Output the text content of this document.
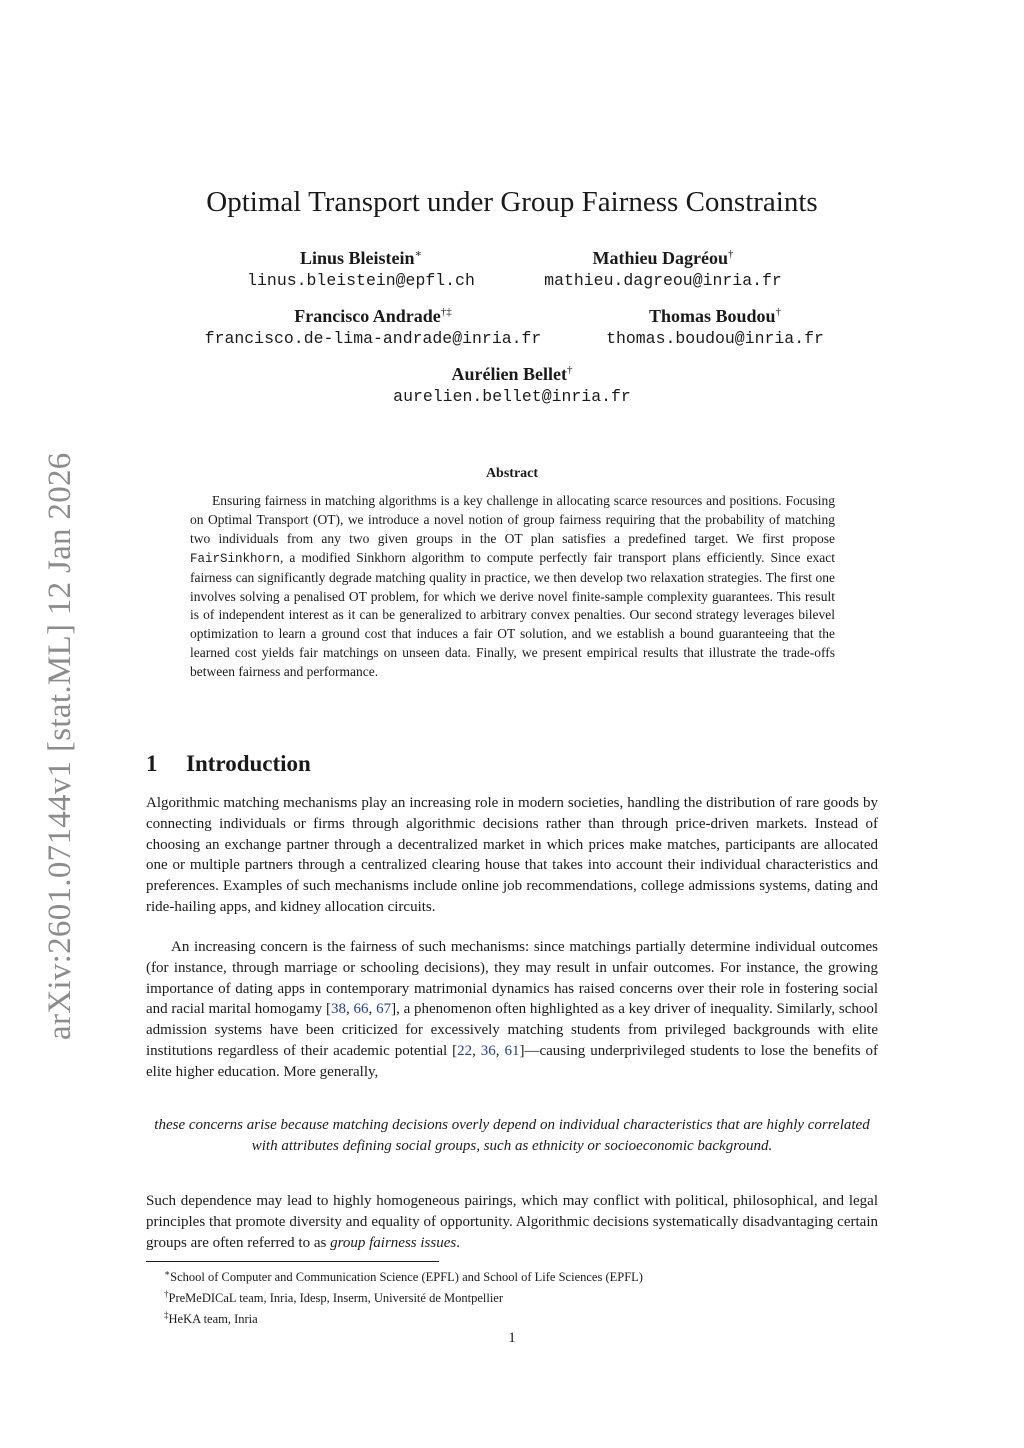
arXiv:2601.07144v1 [stat.ML] 12 Jan 2026
Optimal Transport under Group Fairness Constraints
Linus Bleistein∗
linus.bleistein@epfl.ch
Mathieu Dagréou†
mathieu.dagreou@inria.fr
Francisco Andrade†‡
francisco.de-lima-andrade@inria.fr
Thomas Boudou†
thomas.boudou@inria.fr
Aurélien Bellet†
aurelien.bellet@inria.fr
Abstract
Ensuring fairness in matching algorithms is a key challenge in allocating scarce resources and positions. Focusing on Optimal Transport (OT), we introduce a novel notion of group fairness requiring that the probability of matching two individuals from any two given groups in the OT plan satisfies a predefined target. We first propose FairSinkhorn, a modified Sinkhorn algorithm to compute perfectly fair transport plans efficiently. Since exact fairness can significantly degrade matching quality in practice, we then develop two relaxation strategies. The first one involves solving a penalised OT problem, for which we derive novel finite-sample complexity guarantees. This result is of independent interest as it can be generalized to arbitrary convex penalties. Our second strategy leverages bilevel optimization to learn a ground cost that induces a fair OT solution, and we establish a bound guaranteeing that the learned cost yields fair matchings on unseen data. Finally, we present empirical results that illustrate the trade-offs between fairness and performance.
1 Introduction

Algorithmic matching mechanisms play an increasing role in modern societies, handling the distribution of rare goods by connecting individuals or firms through algorithmic decisions rather than through price-driven markets. Instead of choosing an exchange partner through a decentralized market in which prices make matches, participants are allocated one or multiple partners through a centralized clearing house that takes into account their individual characteristics and preferences. Examples of such mechanisms include online job recommendations, college admissions systems, dating and ride-hailing apps, and kidney allocation circuits.

An increasing concern is the fairness of such mechanisms: since matchings partially determine individual outcomes (for instance, through marriage or schooling decisions), they may result in unfair outcomes. For instance, the growing importance of dating apps in contemporary matrimonial dynamics has raised concerns over their role in fostering social and racial marital homogamy [38, 66, 67], a phenomenon often highlighted as a key driver of inequality. Similarly, school admission systems have been criticized for excessively matching students from privileged backgrounds with elite institutions regardless of their academic potential [22, 36, 61]—causing underprivileged students to lose the benefits of elite higher education. More generally,

these concerns arise because matching decisions overly depend on individual characteristics that are highly correlated with attributes defining social groups, such as ethnicity or socioeconomic background.

Such dependence may lead to highly homogeneous pairings, which may conflict with political, philosophical, and legal principles that promote diversity and equality of opportunity. Algorithmic decisions systematically disadvantaging certain groups are often referred to as group fairness issues.

∗School of Computer and Communication Science (EPFL) and School of Life Sciences (EPFL)
†PreMeDICaL team, Inria, Idesp, Inserm, Université de Montpellier
‡HeKA team, Inria
1
